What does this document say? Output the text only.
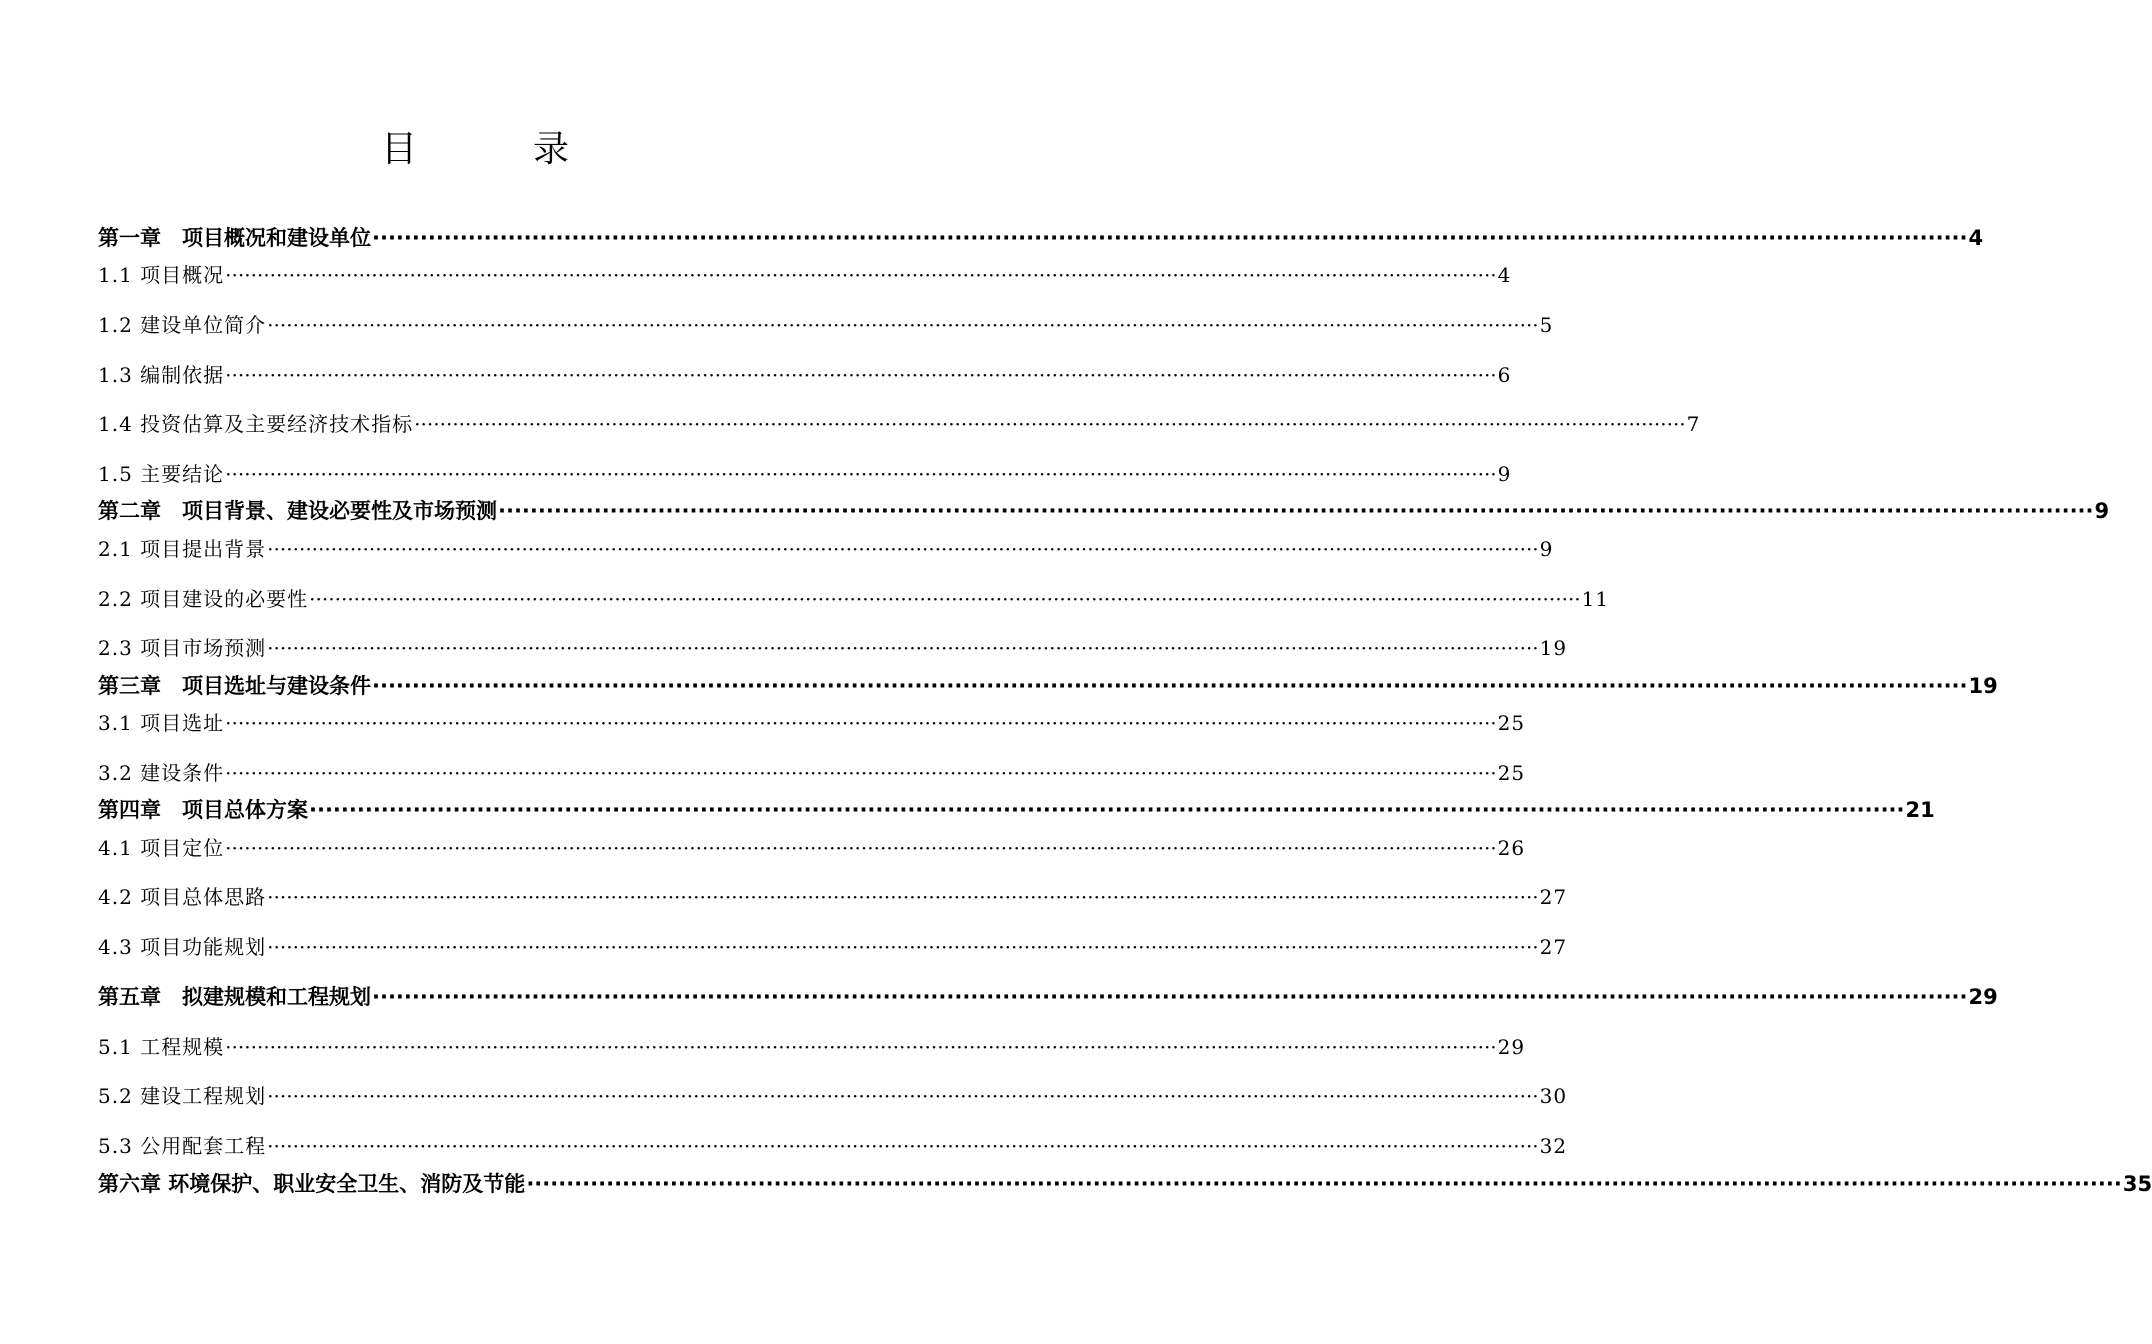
目　录
第一章　项目概况和建设单位 ········································································································································································································ 4
1.1 项目概况 ········································································································································································································ 4
1.2 建设单位简介 ········································································································································································································ 5
1.3 编制依据 ········································································································································································································ 6
1.4 投资估算及主要经济技术指标 ········································································································································································································ 7
1.5 主要结论 ········································································································································································································ 9
第二章　项目背景、建设必要性及市场预测 ········································································································································································································ 9
2.1 项目提出背景 ········································································································································································································ 9
2.2 项目建设的必要性 ········································································································································································································ 11
2.3 项目市场预测 ········································································································································································································ 19
第三章　项目选址与建设条件 ········································································································································································································ 19
3.1 项目选址 ········································································································································································································ 25
3.2 建设条件 ········································································································································································································ 25
第四章　项目总体方案 ········································································································································································································ 21
4.1 项目定位 ········································································································································································································ 26
4.2 项目总体思路 ········································································································································································································ 27
4.3 项目功能规划 ········································································································································································································ 27
第五章　拟建规模和工程规划 ········································································································································································································ 29
5.1 工程规模 ········································································································································································································ 29
5.2 建设工程规划 ········································································································································································································ 30
5.3 公用配套工程 ········································································································································································································ 32
第六章 环境保护、职业安全卫生、消防及节能 ········································································································································································································ 35
